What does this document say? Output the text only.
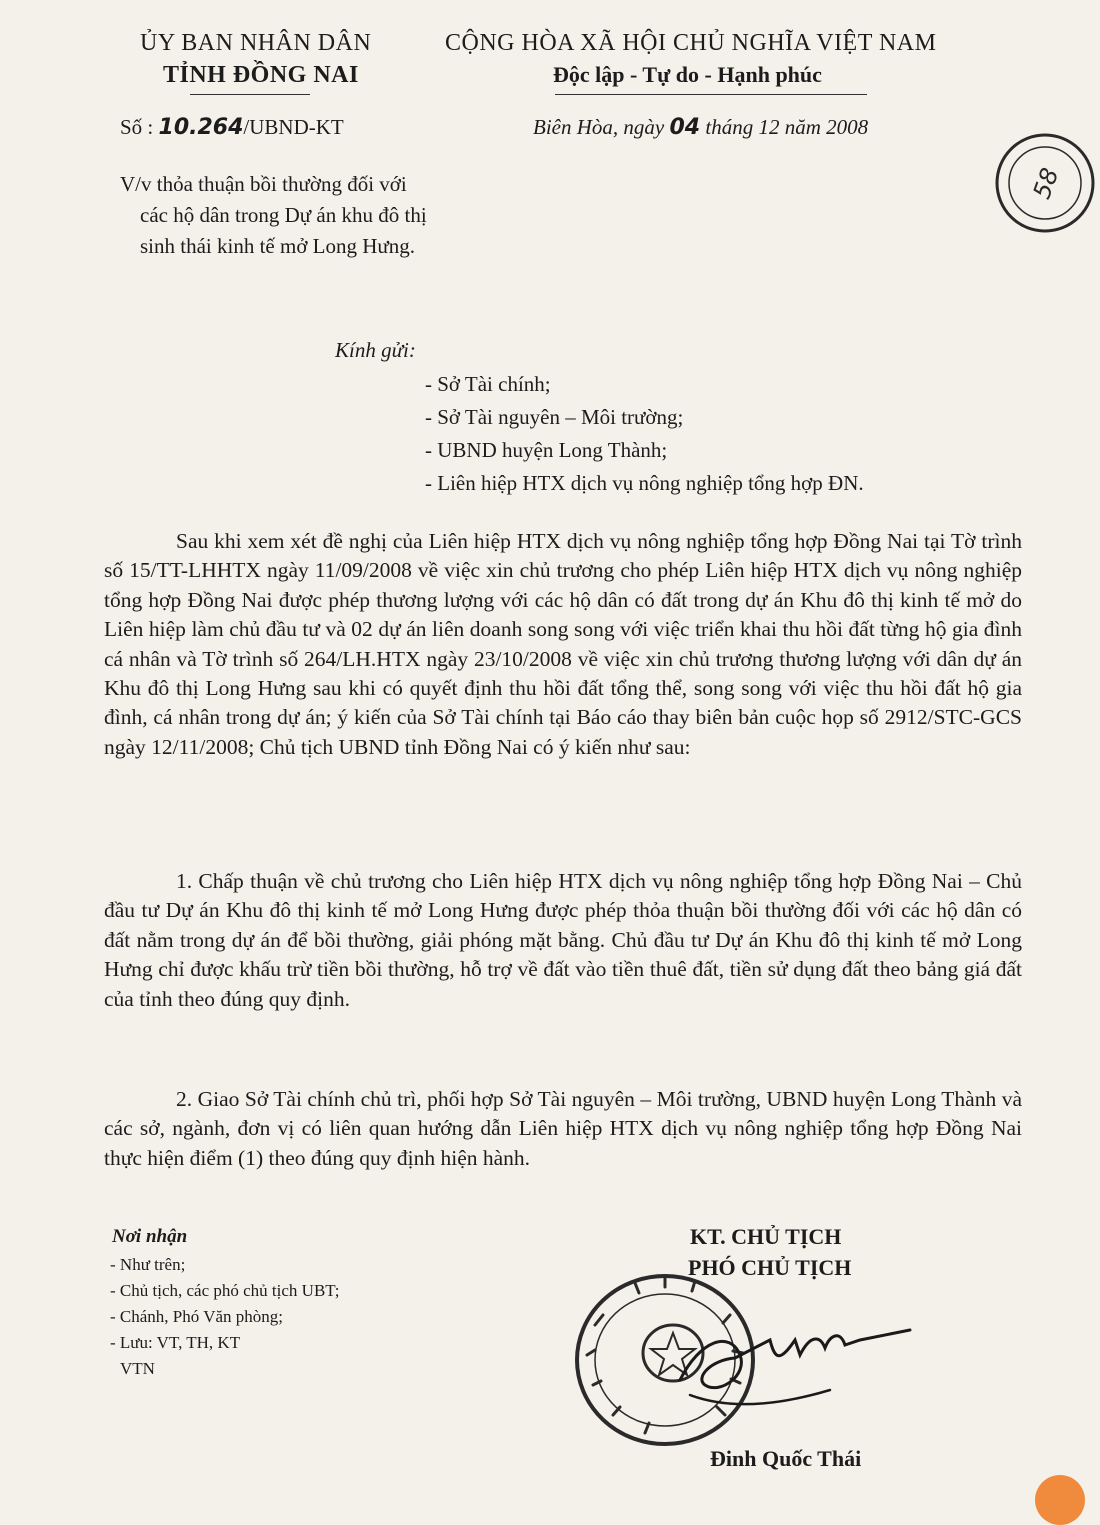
ỦY BAN NHÂN DÂN
TỈNH ĐỒNG NAI
CỘNG HÒA XÃ HỘI CHỦ NGHĨA VIỆT NAM
Độc lập - Tự do - Hạnh phúc
Số : 10.264/UBND-KT	Biên Hòa, ngày 04 tháng 12 năm 2008
58
V/v thỏa thuận bồi thường đối với
các hộ dân trong Dự án khu đô thị
sinh thái kinh tế mở Long Hưng.
Kính gửi:
- Sở Tài chính;
- Sở Tài nguyên – Môi trường;
- UBND huyện Long Thành;
- Liên hiệp HTX dịch vụ nông nghiệp tổng hợp ĐN.
Sau khi xem xét đề nghị của Liên hiệp HTX dịch vụ nông nghiệp tổng hợp Đồng Nai tại Tờ trình số 15/TT-LHHTX ngày 11/09/2008 về việc xin chủ trương cho phép Liên hiệp HTX dịch vụ nông nghiệp tổng hợp Đồng Nai được phép thương lượng với các hộ dân có đất trong dự án Khu đô thị kinh tế mở do Liên hiệp làm chủ đầu tư và 02 dự án liên doanh song song với việc triển khai thu hồi đất từng hộ gia đình cá nhân và Tờ trình số 264/LH.HTX ngày 23/10/2008 về việc xin chủ trương thương lượng với dân dự án Khu đô thị Long Hưng sau khi có quyết định thu hồi đất tổng thể, song song với việc thu hồi đất hộ gia đình, cá nhân trong dự án; ý kiến của Sở Tài chính tại Báo cáo thay biên bản cuộc họp số 2912/STC-GCS ngày 12/11/2008; Chủ tịch UBND tỉnh Đồng Nai có ý kiến như sau:
1. Chấp thuận về chủ trương cho Liên hiệp HTX dịch vụ nông nghiệp tổng hợp Đồng Nai – Chủ đầu tư Dự án Khu đô thị kinh tế mở Long Hưng được phép thỏa thuận bồi thường đối với các hộ dân có đất nằm trong dự án để bồi thường, giải phóng mặt bằng. Chủ đầu tư Dự án Khu đô thị kinh tế mở Long Hưng chỉ được khấu trừ tiền bồi thường, hỗ trợ về đất vào tiền thuê đất, tiền sử dụng đất theo bảng giá đất của tỉnh theo đúng quy định.
2. Giao Sở Tài chính chủ trì, phối hợp Sở Tài nguyên – Môi trường, UBND huyện Long Thành và các sở, ngành, đơn vị có liên quan hướng dẫn Liên hiệp HTX dịch vụ nông nghiệp tổng hợp Đồng Nai thực hiện điểm (1) theo đúng quy định hiện hành.
Nơi nhận
- Như trên;
- Chủ tịch, các phó chủ tịch UBT;
- Chánh, Phó Văn phòng;
- Lưu: VT, TH, KT
VTN
KT. CHỦ TỊCH
PHÓ CHỦ TỊCH
Đinh Quốc Thái
